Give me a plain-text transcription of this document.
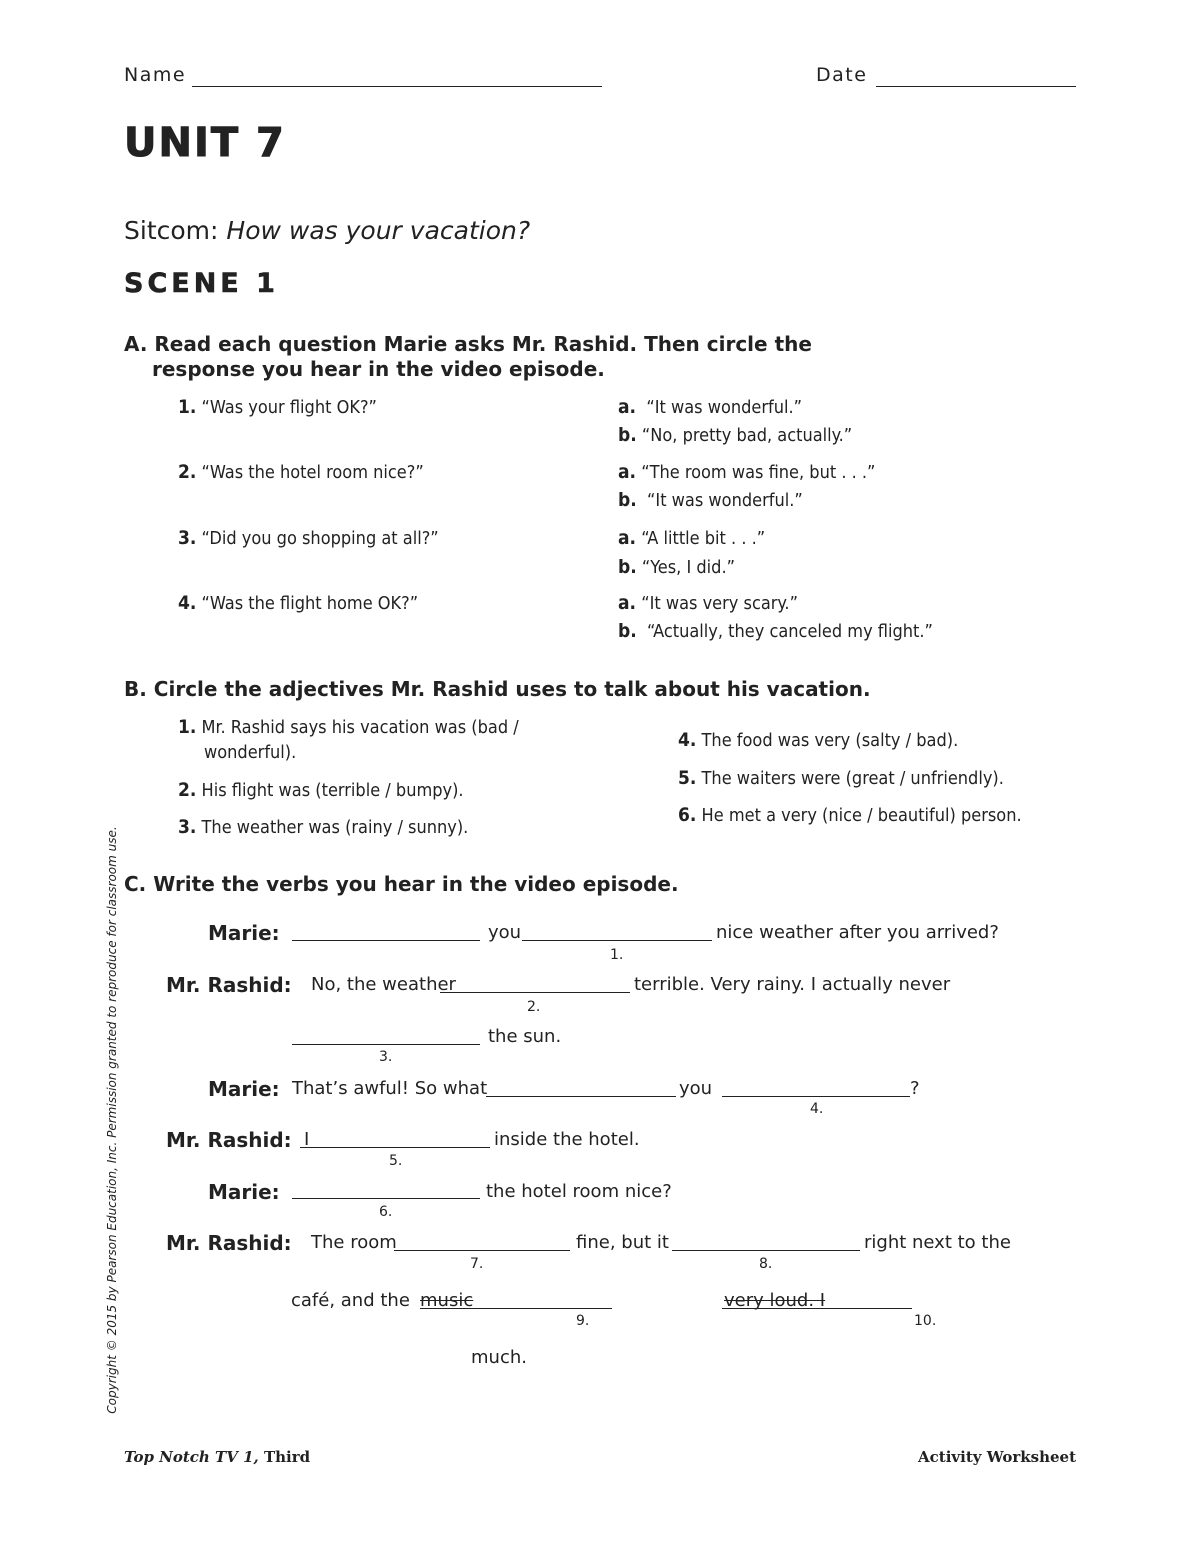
Name	Date
UNIT 7
Sitcom: How was your vacation?
SCENE 1
A. Read each question Marie asks Mr. Rashid. Then circle the
response you hear in the video episode.
1. “Was your flight OK?”	a. “It was wonderful.”
b. “No, pretty bad, actually.”
2. “Was the hotel room nice?”	a. “The room was fine, but . . .”
b. “It was wonderful.”
3. “Did you go shopping at all?”	a. “A little bit . . .”
b. “Yes, I did.”
4. “Was the flight home OK?”	a. “It was very scary.”
b. “Actually, they canceled my flight.”
B. Circle the adjectives Mr. Rashid uses to talk about his vacation.
1. Mr. Rashid says his vacation was (bad /
wonderful).
2. His flight was (terrible / bumpy).
3. The weather was (rainy / sunny).
4. The food was very (salty / bad).
5. The waiters were (great / unfriendly).
6. He met a very (nice / beautiful) person.
C. Write the verbs you hear in the video episode.
Marie:	you	nice weather after you arrived?
1.
Mr. Rashid: No, the weather	terrible. Very rainy. I actually never
2.
the sun.
3.
Marie: That’s awful! So what	you	?
4.
Mr. Rashid: I	inside the hotel.
5.
Marie:	the hotel room nice?
6.
Mr. Rashid: The room	fine, but it	right next to the
7.	8.
café, and the music	very loud. I
9.	10.
much.
Copyright © 2015 by Pearson Education, Inc. Permission granted to reproduce for classroom use.
Top Notch TV 1, Third	Activity Worksheet
